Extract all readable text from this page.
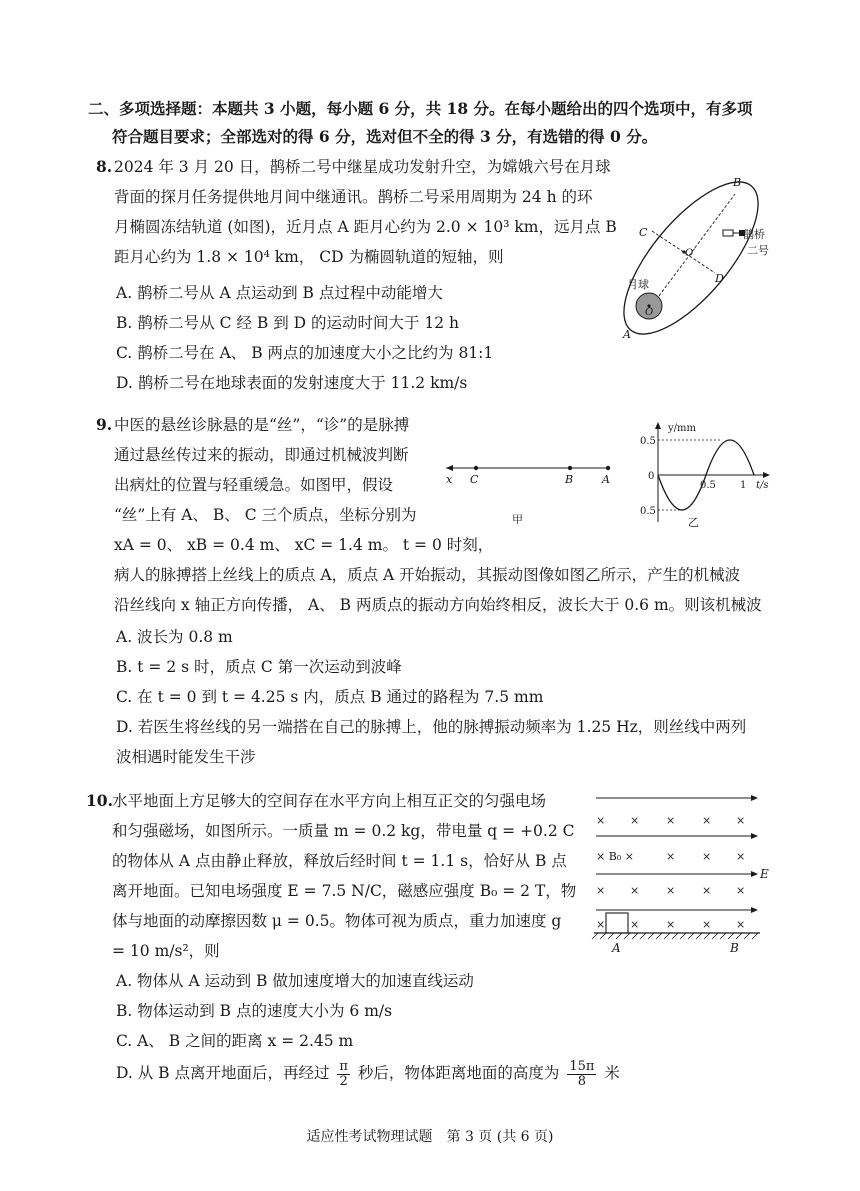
二、多项选择题：本题共 3 小题，每小题 6 分，共 18 分。在每小题给出的四个选项中，有多项
符合题目要求；全部选对的得 6 分，选对但不全的得 3 分，有选错的得 0 分。
8. 2024 年 3 月 20 日，鹊桥二号中继星成功发射升空，为嫦娥六号在月球
背面的探月任务提供地月间中继通讯。鹊桥二号采用周期为 24 h 的环
月椭圆冻结轨道 (如图)，近月点 A 距月心约为 2.0 × 10³ km，远月点 B
距月心约为 1.8 × 10⁴ km， CD 为椭圆轨道的短轴，则
A. 鹊桥二号从 A 点运动到 B 点过程中动能增大
B. 鹊桥二号从 C 经 B 到 D 的运动时间大于 12 h
C. 鹊桥二号在 A、 B 两点的加速度大小之比约为 81:1
D. 鹊桥二号在地球表面的发射速度大于 11.2 km/s
B
C
D
A
O
O′
月球
鹊桥
二号
9. 中医的悬丝诊脉悬的是“丝”，“诊”的是脉搏
通过悬丝传过来的振动，即通过机械波判断
出病灶的位置与轻重缓急。如图甲，假设
“丝”上有 A、 B、 C 三个质点，坐标分别为
xA = 0、 xB = 0.4 m、 xC = 1.4 m。 t = 0 时刻，
病人的脉搏搭上丝线上的质点 A，质点 A 开始振动，其振动图像如图乙所示，产生的机械波
沿丝线向 x 轴正方向传播， A、 B 两质点的振动方向始终相反，波长大于 0.6 m。则该机械波
A. 波长为 0.8 m
B. t = 2 s 时，质点 C 第一次运动到波峰
C. 在 t = 0 到 t = 4.25 s 内，质点 B 通过的路程为 7.5 mm
D. 若医生将丝线的另一端搭在自己的脉搏上，他的脉搏振动频率为 1.25 Hz，则丝线中两列
波相遇时能发生干涉
x C	B	A
甲
y/mm
0.5
0
0.5
0.5 1 t/s
乙
10. 水平地面上方足够大的空间存在水平方向上相互正交的匀强电场
和匀强磁场，如图所示。一质量 m = 0.2 kg，带电量 q = +0.2 C
的物体从 A 点由静止释放，释放后经时间 t = 1.1 s，恰好从 B 点
离开地面。已知电场强度 E = 7.5 N/C，磁感应强度 B₀ = 2 T，物
体与地面的动摩擦因数 μ = 0.5。物体可视为质点，重力加速度 g
= 10 m/s²，则
A. 物体从 A 运动到 B 做加速度增大的加速直线运动
B. 物体运动到 B 点的速度大小为 6 m/s
C. A、 B 之间的距离 x = 2.45 m
D. 从 B 点离开地面后，再经过 $\frac{\pi}{2}$ 秒后，物体距离地面的高度为 $\frac{15\pi}{8}$ 米
× × × × ×
× B₀ ×	× × ×
× × × × ×
× × × × ×
E
A	B
适应性考试物理试题　第 3 页 (共 6 页)
